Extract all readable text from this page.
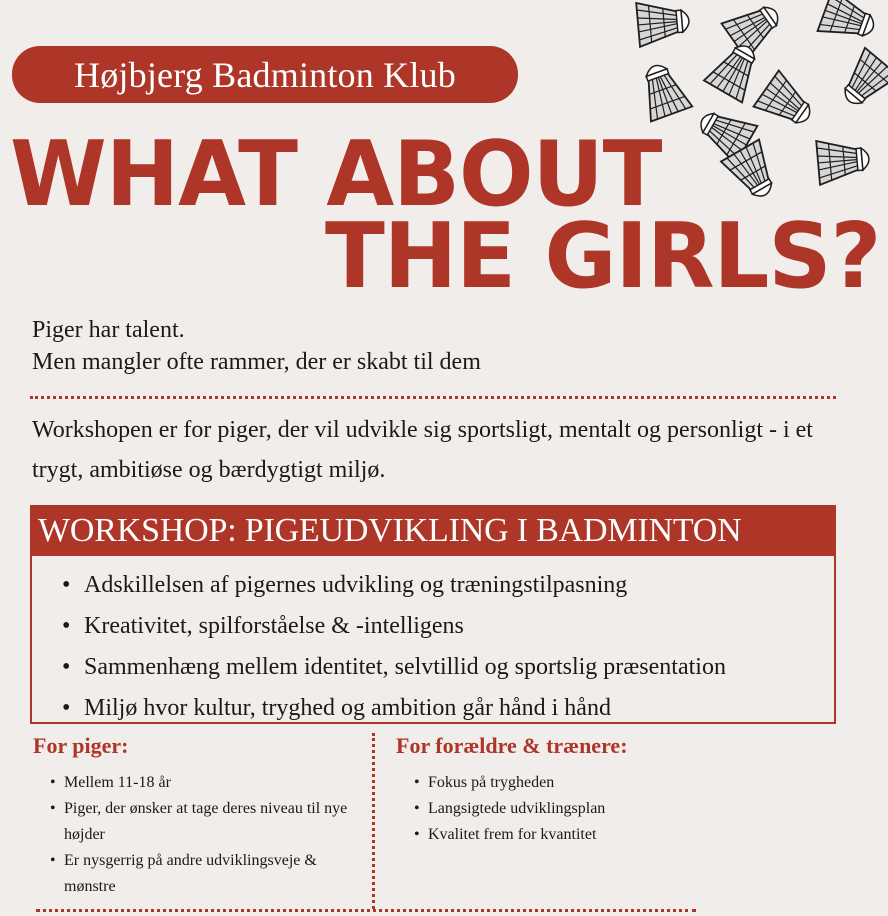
Højbjerg Badminton Klub
WHAT ABOUT
THE GIRLS?
Piger har talent.
Men mangler ofte rammer, der er skabt til dem
Workshopen er for piger, der vil udvikle sig sportsligt, mentalt og personligt - i et trygt, ambitiøse og bærdygtigt miljø.
WORKSHOP: PIGEUDVIKLING I BADMINTON
• Adskillelsen af pigernes udvikling og træningstilpasning
• Kreativitet, spilforståelse & -intelligens
• Sammenhæng mellem identitet, selvtillid og sportslig præsentation
• Miljø hvor kultur, tryghed og ambition går hånd i hånd
For piger:	For forældre & trænere:
• Mellem 11-18 år
• Piger, der ønsker at tage deres niveau til nye højder
• Er nysgerrig på andre udviklingsveje & mønstre
• Fokus på trygheden
• Langsigtede udviklingsplan
• Kvalitet frem for kvantitet
